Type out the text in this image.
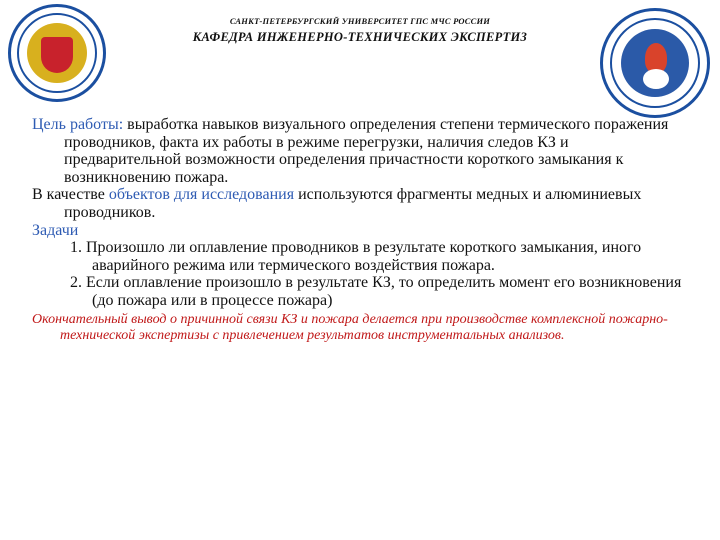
САНКТ-ПЕТЕРБУРГСКИЙ УНИВЕРСИТЕТ ГПС МЧС РОССИИ
КАФЕДРА ИНЖЕНЕРНО-ТЕХНИЧЕСКИХ ЭКСПЕРТИЗ

Цель работы: выработка навыков визуального определения степени термического поражения проводников, факта их работы в режиме перегрузки, наличия следов КЗ и предварительной возможности определения причастности короткого замыкания к возникновению пожара.

В качестве объектов для исследования используются фрагменты медных и алюминиевых проводников.

Задачи

1. Произошло ли оплавление проводников в результате короткого замыкания, иного аварийного режима или термического воздействия пожара.
2. Если оплавление произошло в результате КЗ, то определить момент его возникновения (до пожара или в процессе пожара)

Окончательный вывод о причинной связи КЗ и пожара делается при производстве комплексной пожарно-технической экспертизы с привлечением результатов инструментальных анализов.
